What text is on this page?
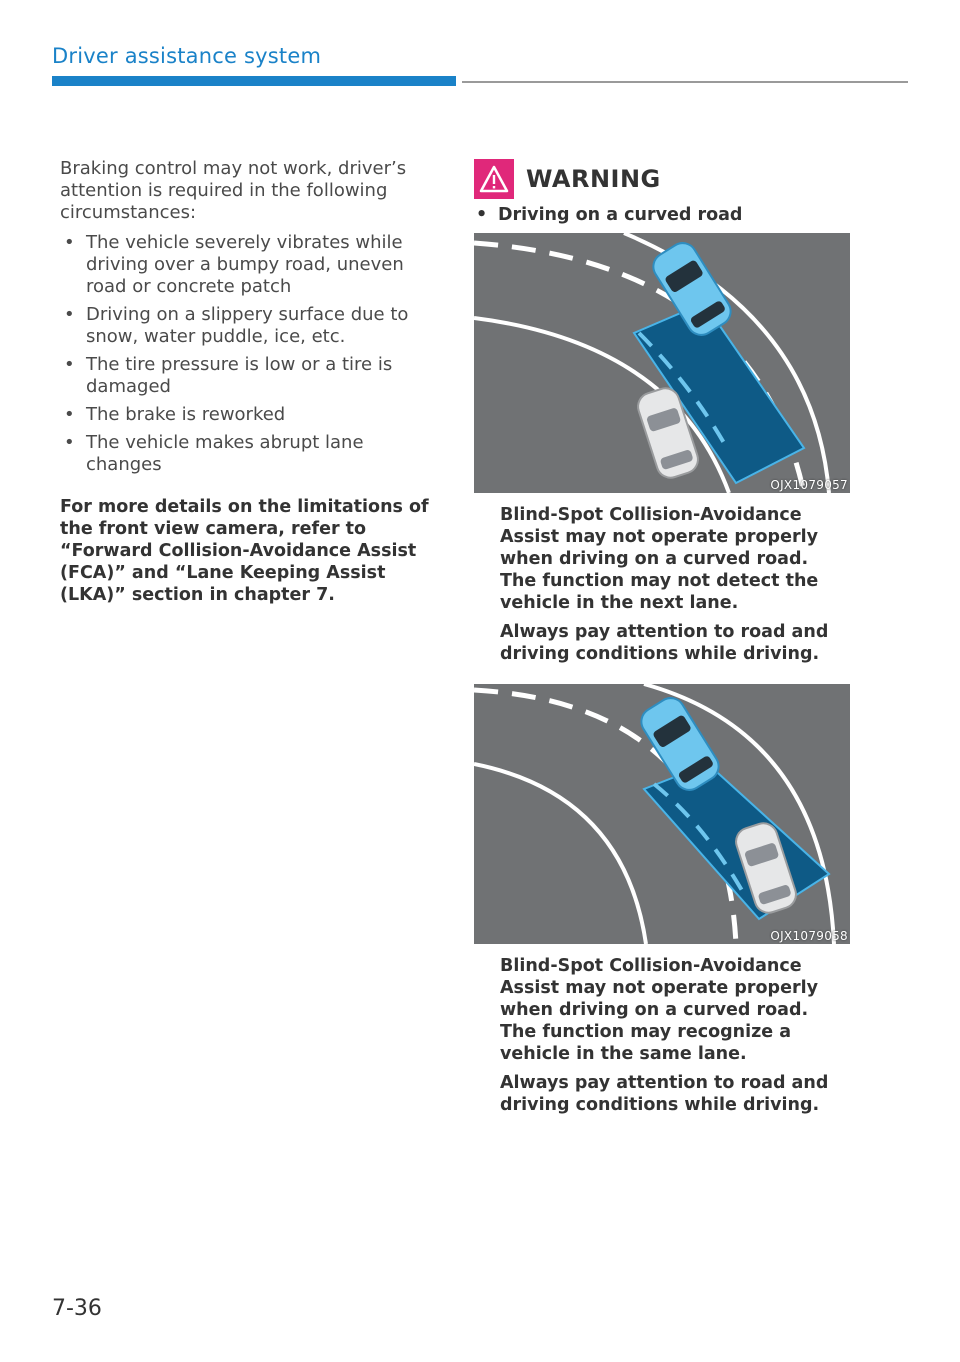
Driver assistance system

Braking control may not work, driver’s attention is required in the following circumstances:

• The vehicle severely vibrates while driving over a bumpy road, uneven road or concrete patch
• Driving on a slippery surface due to snow, water puddle, ice, etc.
• The tire pressure is low or a tire is damaged
• The brake is reworked
• The vehicle makes abrupt lane changes
For more details on the limitations of the front view camera, refer to “Forward Collision-Avoidance Assist (FCA)” and “Lane Keeping Assist (LKA)” section in chapter 7.
WARNING
• Driving on a curved road
OJX1079057

Blind-Spot Collision-Avoidance Assist may not operate properly when driving on a curved road. The function may not detect the vehicle in the next lane.

Always pay attention to road and driving conditions while driving.

OJX1079058

Blind-Spot Collision-Avoidance Assist may not operate properly when driving on a curved road. The function may recognize a vehicle in the same lane.

Always pay attention to road and driving conditions while driving.

7-36
